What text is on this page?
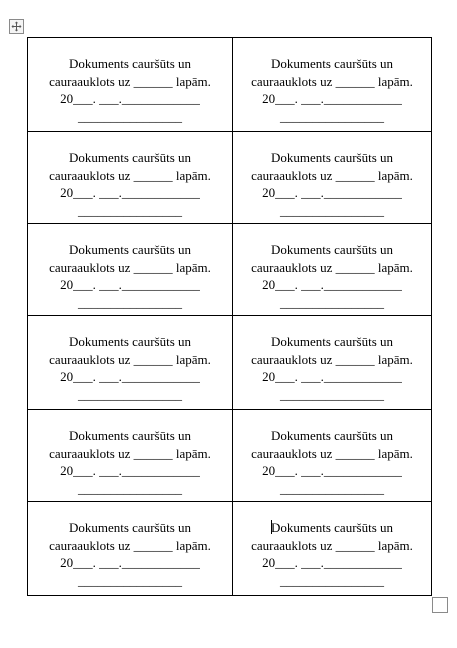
Dokuments cauršūts un
cauraauklots uz ______ lapām.
20___. ___.____________
________________	Dokuments cauršūts un
cauraauklots uz ______ lapām.
20___. ___.____________
________________

Dokuments cauršūts un
cauraauklots uz ______ lapām.
20___. ___.____________
________________	Dokuments cauršūts un
cauraauklots uz ______ lapām.
20___. ___.____________
________________

Dokuments cauršūts un
cauraauklots uz ______ lapām.
20___. ___.____________
________________	Dokuments cauršūts un
cauraauklots uz ______ lapām.
20___. ___.____________
________________

Dokuments cauršūts un
cauraauklots uz ______ lapām.
20___. ___.____________
________________	Dokuments cauršūts un
cauraauklots uz ______ lapām.
20___. ___.____________
________________

Dokuments cauršūts un
cauraauklots uz ______ lapām.
20___. ___.____________
________________	Dokuments cauršūts un
cauraauklots uz ______ lapām.
20___. ___.____________
________________

Dokuments cauršūts un
cauraauklots uz ______ lapām.
20___. ___.____________
________________	Dokuments cauršūts un
cauraauklots uz ______ lapām.
20___. ___.____________
________________
